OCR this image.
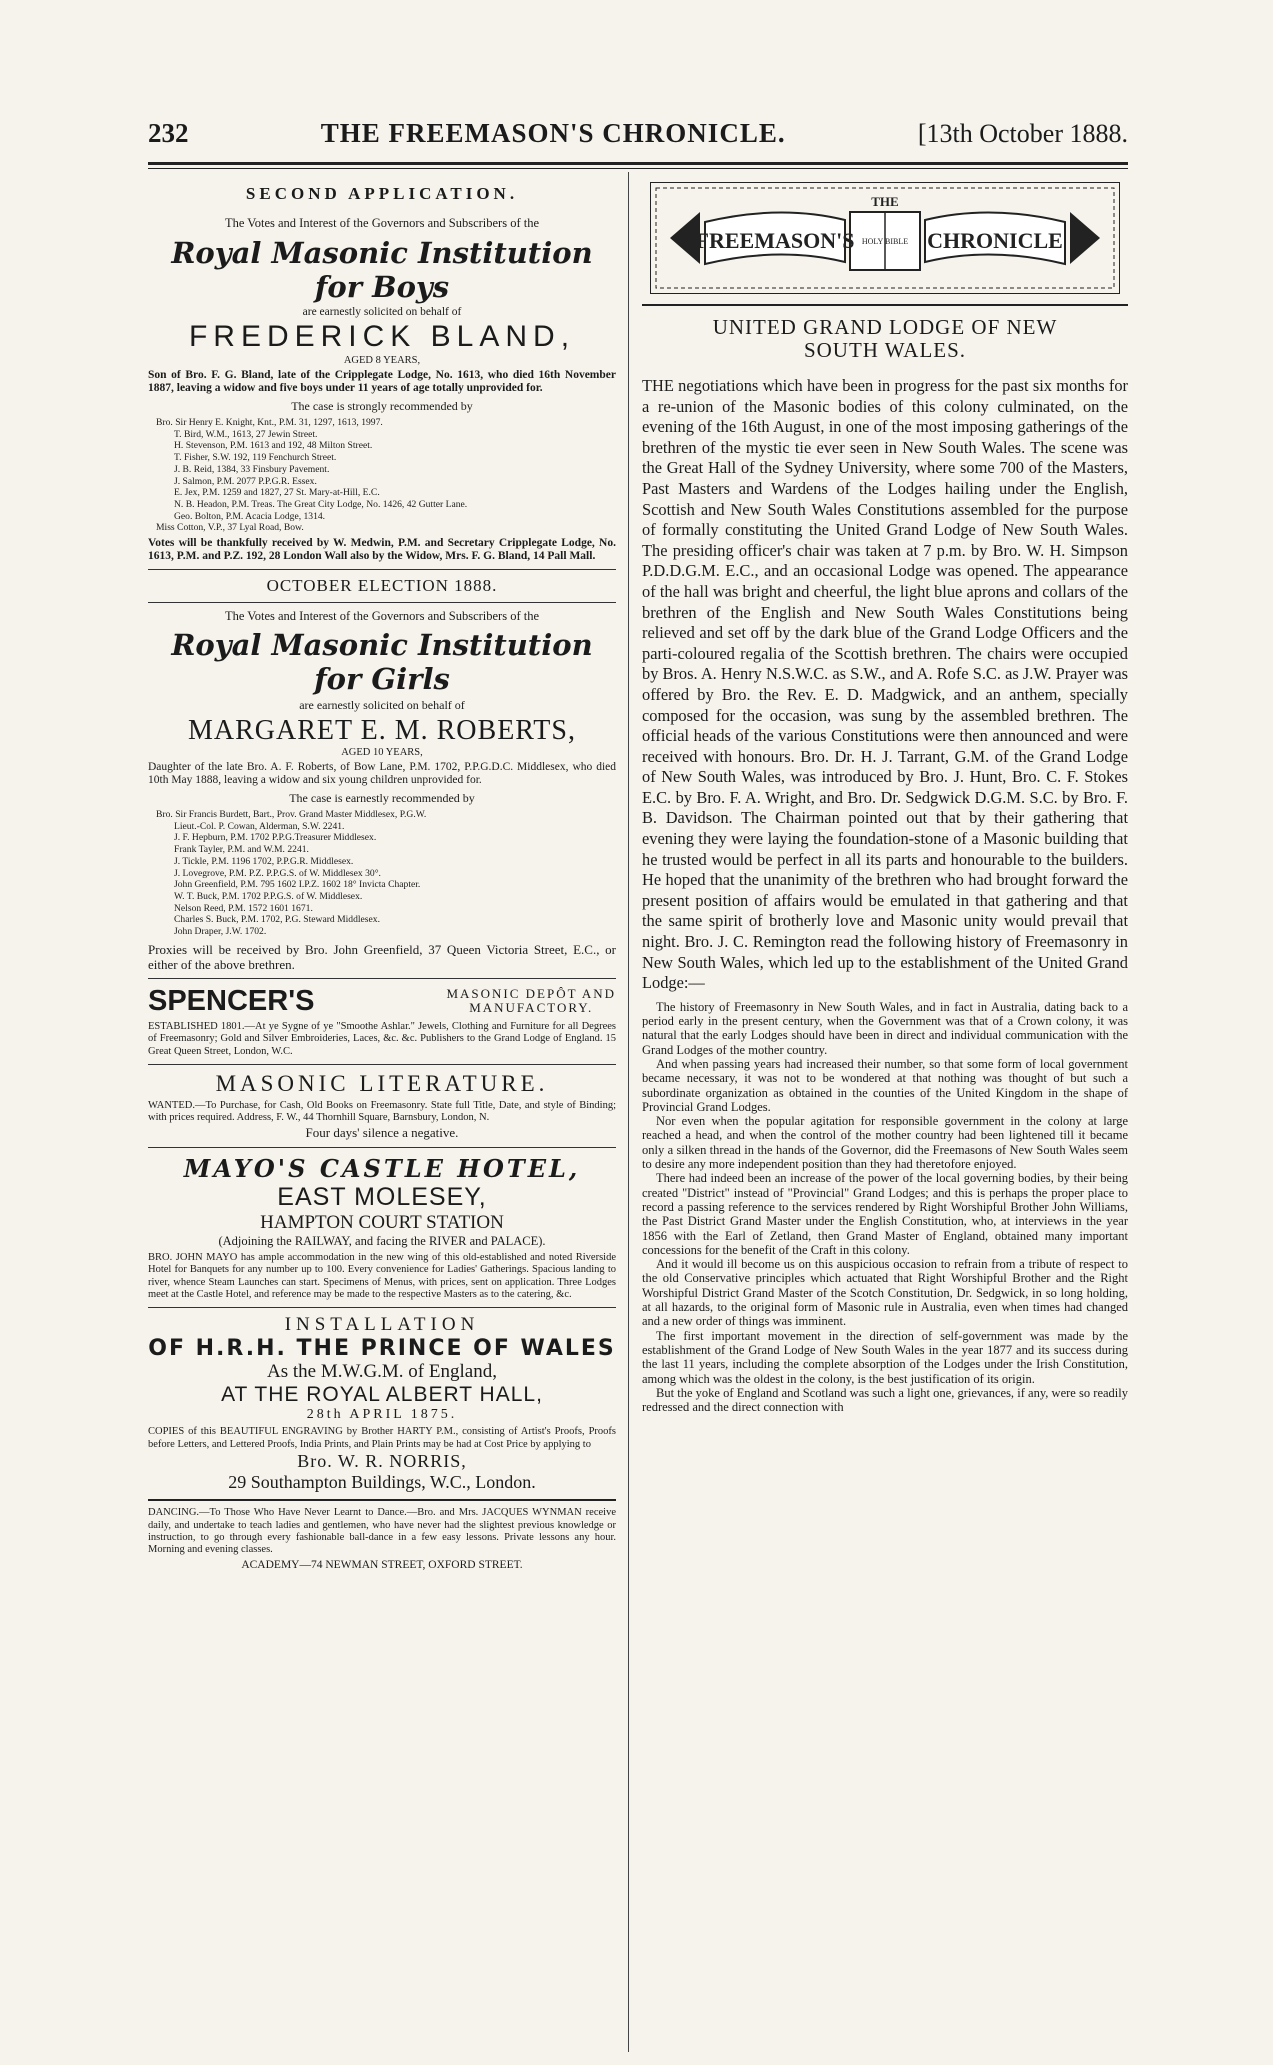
232	THE FREEMASON'S CHRONICLE.	[13th October 1888.
SECOND APPLICATION.
The Votes and Interest of the Governors and Subscribers of the
Royal Masonic Institution for Boys
are earnestly solicited on behalf of
FREDERICK BLAND,
AGED 8 YEARS,

Son of Bro. F. G. Bland, late of the Cripplegate Lodge, No. 1613, who died 16th November 1887, leaving a widow and five boys under 11 years of age totally unprovided for.

The case is strongly recommended by
Bro. Sir Henry E. Knight, Knt., P.M. 31, 1297, 1613, 1997.
T. Bird, W.M., 1613, 27 Jewin Street.
H. Stevenson, P.M. 1613 and 192, 48 Milton Street.
T. Fisher, S.W. 192, 119 Fenchurch Street.
J. B. Reid, 1384, 33 Finsbury Pavement.
J. Salmon, P.M. 2077 P.P.G.R. Essex.
E. Jex, P.M. 1259 and 1827, 27 St. Mary-at-Hill, E.C.
N. B. Headon, P.M. Treas. The Great City Lodge, No. 1426, 42 Gutter Lane.
Geo. Bolton, P.M. Acacia Lodge, 1314.
Miss Cotton, V.P., 37 Lyal Road, Bow.

Votes will be thankfully received by W. Medwin, P.M. and Secretary Cripplegate Lodge, No. 1613, P.M. and P.Z. 192, 28 London Wall also by the Widow, Mrs. F. G. Bland, 14 Pall Mall.

OCTOBER ELECTION 1888.
The Votes and Interest of the Governors and Subscribers of the
Royal Masonic Institution for Girls
are earnestly solicited on behalf of
MARGARET E. M. ROBERTS,
AGED 10 YEARS,

Daughter of the late Bro. A. F. Roberts, of Bow Lane, P.M. 1702, P.P.G.D.C. Middlesex, who died 10th May 1888, leaving a widow and six young children unprovided for.

The case is earnestly recommended by
Bro. Sir Francis Burdett, Bart., Prov. Grand Master Middlesex, P.G.W.
Lieut.-Col. P. Cowan, Alderman, S.W. 2241.
J. F. Hepburn, P.M. 1702 P.P.G.Treasurer Middlesex.
Frank Tayler, P.M. and W.M. 2241.
J. Tickle, P.M. 1196 1702, P.P.G.R. Middlesex.
J. Lovegrove, P.M. P.Z. P.P.G.S. of W. Middlesex 30°.
John Greenfield, P.M. 795 1602 I.P.Z. 1602 18° Invicta Chapter.
W. T. Buck, P.M. 1702 P.P.G.S. of W. Middlesex.
Nelson Reed, P.M. 1572 1601 1671.
Charles S. Buck, P.M. 1702, P.G. Steward Middlesex.
John Draper, J.W. 1702.

Proxies will be received by Bro. John Greenfield, 37 Queen Victoria Street, E.C., or either of the above brethren.

SPENCER'S	MASONIC DEPÔT AND
MANUFACTORY.

ESTABLISHED 1801.—At ye Sygne of ye "Smoothe Ashlar." Jewels, Clothing and Furniture for all Degrees of Freemasonry; Gold and Silver Embroideries, Laces, &c. &c. Publishers to the Grand Lodge of England. 15 Great Queen Street, London, W.C.

MASONIC LITERATURE.

WANTED.—To Purchase, for Cash, Old Books on Freemasonry. State full Title, Date, and style of Binding; with prices required. Address, F. W., 44 Thornhill Square, Barnsbury, London, N.

Four days' silence a negative.
MAYO'S CASTLE HOTEL,
EAST MOLESEY,
HAMPTON COURT STATION
(Adjoining the RAILWAY, and facing the RIVER and PALACE).

BRO. JOHN MAYO has ample accommodation in the new wing of this old-established and noted Riverside Hotel for Banquets for any number up to 100. Every convenience for Ladies' Gatherings. Spacious landing to river, whence Steam Launches can start. Specimens of Menus, with prices, sent on application. Three Lodges meet at the Castle Hotel, and reference may be made to the respective Masters as to the catering, &c.

INSTALLATION
OF H.R.H. THE PRINCE OF WALES
As the M.W.G.M. of England,
AT THE ROYAL ALBERT HALL,
28th APRIL 1875.

COPIES of this BEAUTIFUL ENGRAVING by Brother HARTY P.M., consisting of Artist's Proofs, Proofs before Letters, and Lettered Proofs, India Prints, and Plain Prints may be had at Cost Price by applying to

Bro. W. R. NORRIS,
29 Southampton Buildings, W.C., London.

DANCING.—To Those Who Have Never Learnt to Dance.—Bro. and Mrs. JACQUES WYNMAN receive daily, and undertake to teach ladies and gentlemen, who have never had the slightest previous knowledge or instruction, to go through every fashionable ball-dance in a few easy lessons. Private lessons any hour. Morning and evening classes.

ACADEMY—74 NEWMAN STREET, OXFORD STREET.
THE
HOLY BIBLE
FREEMASON'S	CHRONICLE
UNITED GRAND LODGE OF NEW
SOUTH WALES.

THE negotiations which have been in progress for the past six months for a re-union of the Masonic bodies of this colony culminated, on the evening of the 16th August, in one of the most imposing gatherings of the brethren of the mystic tie ever seen in New South Wales. The scene was the Great Hall of the Sydney University, where some 700 of the Masters, Past Masters and Wardens of the Lodges hailing under the English, Scottish and New South Wales Constitutions assembled for the purpose of formally constituting the United Grand Lodge of New South Wales. The presiding officer's chair was taken at 7 p.m. by Bro. W. H. Simpson P.D.D.G.M. E.C., and an occasional Lodge was opened. The appearance of the hall was bright and cheerful, the light blue aprons and collars of the brethren of the English and New South Wales Constitutions being relieved and set off by the dark blue of the Grand Lodge Officers and the parti-coloured regalia of the Scottish brethren. The chairs were occupied by Bros. A. Henry N.S.W.C. as S.W., and A. Rofe S.C. as J.W. Prayer was offered by Bro. the Rev. E. D. Madgwick, and an anthem, specially composed for the occasion, was sung by the assembled brethren. The official heads of the various Constitutions were then announced and were received with honours. Bro. Dr. H. J. Tarrant, G.M. of the Grand Lodge of New South Wales, was introduced by Bro. J. Hunt, Bro. C. F. Stokes E.C. by Bro. F. A. Wright, and Bro. Dr. Sedgwick D.G.M. S.C. by Bro. F. B. Davidson. The Chairman pointed out that by their gathering that evening they were laying the foundation-stone of a Masonic building that he trusted would be perfect in all its parts and honourable to the builders. He hoped that the unanimity of the brethren who had brought forward the present position of affairs would be emulated in that gathering and that the same spirit of brotherly love and Masonic unity would prevail that night. Bro. J. C. Remington read the following history of Freemasonry in New South Wales, which led up to the establishment of the United Grand Lodge:—

The history of Freemasonry in New South Wales, and in fact in Australia, dating back to a period early in the present century, when the Government was that of a Crown colony, it was natural that the early Lodges should have been in direct and individual communication with the Grand Lodges of the mother country.

And when passing years had increased their number, so that some form of local government became necessary, it was not to be wondered at that nothing was thought of but such a subordinate organization as obtained in the counties of the United Kingdom in the shape of Provincial Grand Lodges.

Nor even when the popular agitation for responsible government in the colony at large reached a head, and when the control of the mother country had been lightened till it became only a silken thread in the hands of the Governor, did the Freemasons of New South Wales seem to desire any more independent position than they had theretofore enjoyed.

There had indeed been an increase of the power of the local governing bodies, by their being created "District" instead of "Provincial" Grand Lodges; and this is perhaps the proper place to record a passing reference to the services rendered by Right Worshipful Brother John Williams, the Past District Grand Master under the English Constitution, who, at interviews in the year 1856 with the Earl of Zetland, then Grand Master of England, obtained many important concessions for the benefit of the Craft in this colony.

And it would ill become us on this auspicious occasion to refrain from a tribute of respect to the old Conservative principles which actuated that Right Worshipful Brother and the Right Worshipful District Grand Master of the Scotch Constitution, Dr. Sedgwick, in so long holding, at all hazards, to the original form of Masonic rule in Australia, even when times had changed and a new order of things was imminent.

The first important movement in the direction of self-government was made by the establishment of the Grand Lodge of New South Wales in the year 1877 and its success during the last 11 years, including the complete absorption of the Lodges under the Irish Constitution, among which was the oldest in the colony, is the best justification of its origin.

But the yoke of England and Scotland was such a light one, grievances, if any, were so readily redressed and the direct connection with
